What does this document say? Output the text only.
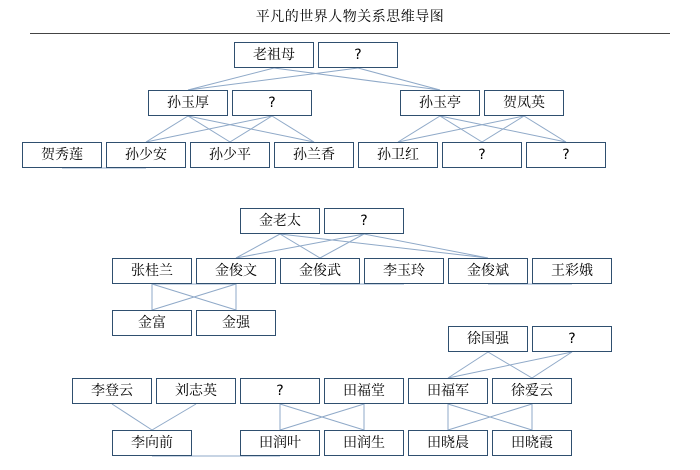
平凡的世界人物关系思维导图
老祖母	?
孙玉厚	?	孙玉亭	贺凤英
贺秀莲	孙少安	孙少平	孙兰香	孙卫红	?	?
金老太	?
张桂兰	金俊文	金俊武	李玉玲	金俊斌	王彩娥
金富	金强
徐国强	?
李登云	刘志英	?	田福堂	田福军	徐爱云
李向前	田润叶	田润生	田晓晨	田晓霞
